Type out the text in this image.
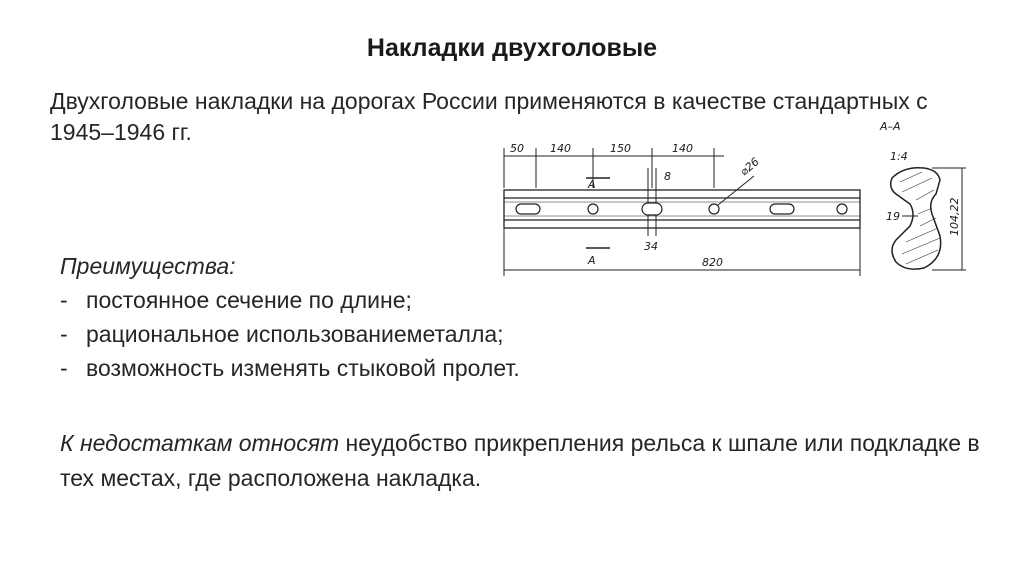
Накладки двухголовые
Двухголовые накладки на дорогах России применяются в качестве стандартных с 1945–1946 гг.
50 140	150	140
8
A
⌀26
A
34
820
A–A
1:4
19	104,22
Преимущества:
- постоянное сечение по длине;
- рациональное использованиеметалла;
- возможность изменять стыковой пролет.
К недостаткам относят неудобство прикрепления рельса к шпале или подкладке в тех местах, где расположена накладка.
